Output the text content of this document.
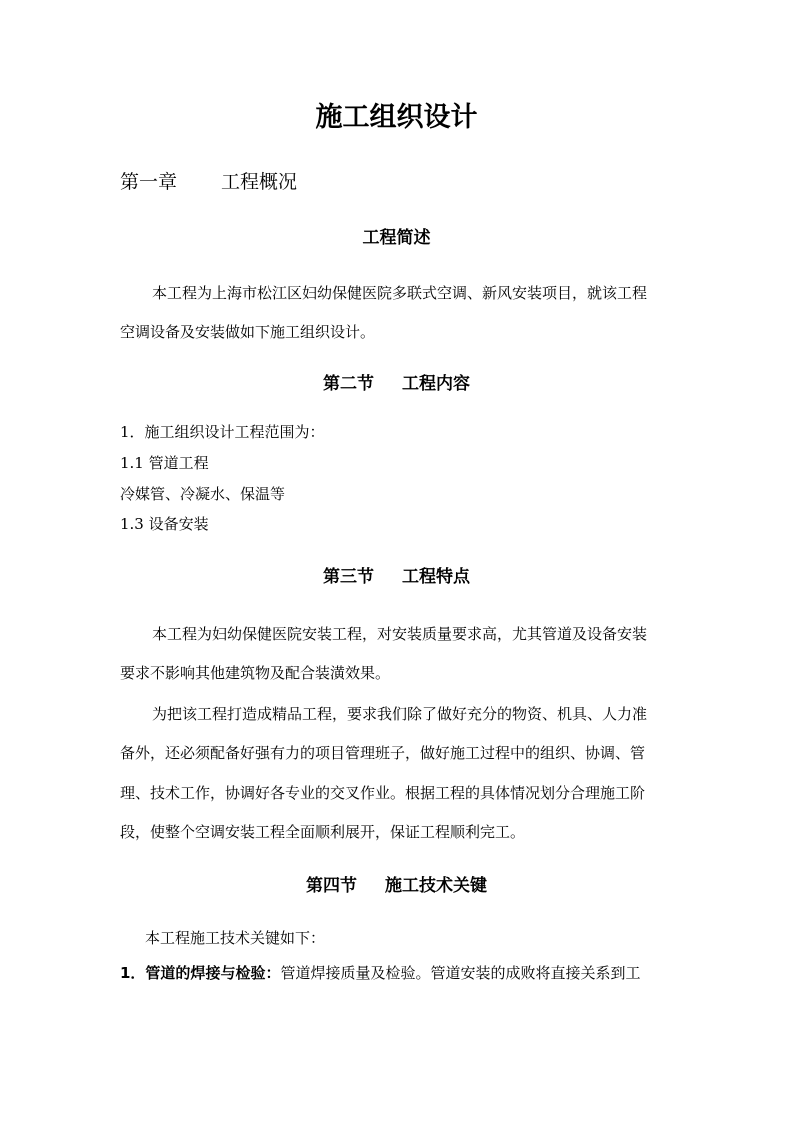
施工组织设计
第一章 工程概况
工程简述
本工程为上海市松江区妇幼保健医院多联式空调、新风安装项目，就该工程
空调设备及安装做如下施工组织设计。
第二节 工程内容
1．施工组织设计工程范围为：
1.1 管道工程
冷媒管、冷凝水、保温等
1.3 设备安装
第三节 工程特点
本工程为妇幼保健医院安装工程，对安装质量要求高，尤其管道及设备安装
要求不影响其他建筑物及配合装潢效果。
为把该工程打造成精品工程，要求我们除了做好充分的物资、机具、人力准
备外，还必须配备好强有力的项目管理班子，做好施工过程中的组织、协调、管
理、技术工作，协调好各专业的交叉作业。根据工程的具体情况划分合理施工阶
段，使整个空调安装工程全面顺利展开，保证工程顺利完工。
第四节 施工技术关键
本工程施工技术关键如下：
1．管道的焊接与检验：管道焊接质量及检验。管道安装的成败将直接关系到工
